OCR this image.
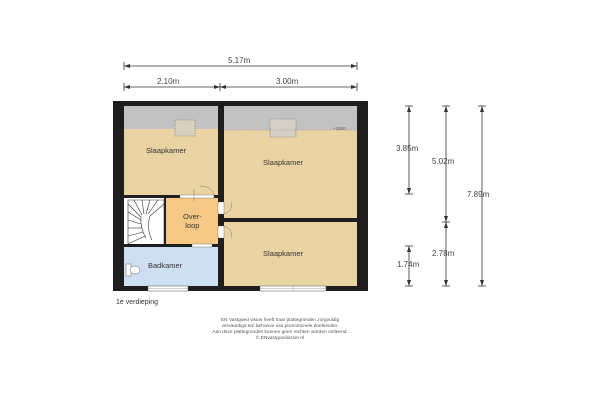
5.17m
2.10m	3.00m
3.85m
1.74m
5.02m
2.78m
7.89m
Slaapkamer
Slaapkamer
Slaapkamer
Over-
loop
Badkamer
+1500
1e verdieping
EN Vastgoed vision heeft haar plattegronden zorgvuldig
vervaardigd ten behoeve van promotionele doeleinden.
Aan deze plattegronden kunnen geen rechten worden ontleend.
© ENvastgoedvision.nl
